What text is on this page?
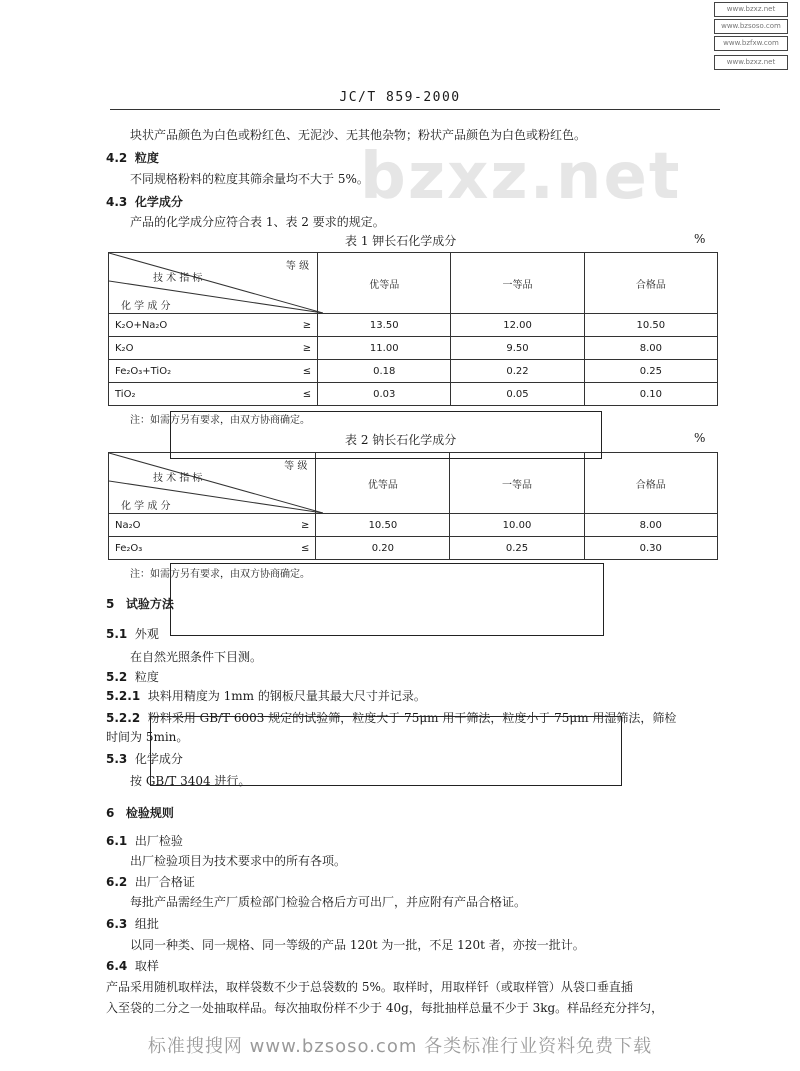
www.bzxz.net
www.bzsoso.com
www.bzfxw.com
www.bzxz.net
JC/T 859-2000
bzxz.net
块状产品颜色为白色或粉红色、无泥沙、无其他杂物；粉状产品颜色为白色或粉红色。
4.2 粒度
不同规格粉料的粒度其筛余量均不大于 5%。
4.3 化学成分
产品的化学成分应符合表 1、表 2 要求的规定。
表 1 钾长石化学成分	%
等 级
技 术 指 标
化 学 成 分	优等品	一等品	合格品
K₂O+Na₂O ≥	13.50	12.00	10.50
K₂O ≥	11.00	9.50	8.00
Fe₂O₃+TiO₂ ≤	0.18	0.22	0.25
TiO₂ ≤	0.03	0.05	0.10
注：如需方另有要求，由双方协商确定。
表 2 钠长石化学成分	%
等 级
技 术 指 标
化 学 成 分	优等品	一等品	合格品
Na₂O ≥	10.50	10.00	8.00
Fe₂O₃ ≤	0.20	0.25	0.30
注：如需方另有要求，由双方协商确定。
5 试验方法
5.1 外观
在自然光照条件下目测。
5.2 粒度
5.2.1 块料用精度为 1mm 的钢板尺量其最大尺寸并记录。
5.2.2 粉料采用 GB/T 6003 规定的试验筛，粒度大于 75μm 用干筛法，粒度小于 75μm 用湿筛法，筛检
时间为 5min。
5.3 化学成分
按 GB/T 3404 进行。
6 检验规则
6.1 出厂检验
出厂检验项目为技术要求中的所有各项。
6.2 出厂合格证
每批产品需经生产厂质检部门检验合格后方可出厂，并应附有产品合格证。
6.3 组批
以同一种类、同一规格、同一等级的产品 120t 为一批，不足 120t 者，亦按一批计。
6.4 取样
产品采用随机取样法，取样袋数不少于总袋数的 5%。取样时，用取样钎（或取样管）从袋口垂直插
入至袋的二分之一处抽取样品。每次抽取份样不少于 40g，每批抽样总量不少于 3kg。样品经充分拌匀，
标准搜搜网 www.bzsoso.com 各类标准行业资料免费下载
